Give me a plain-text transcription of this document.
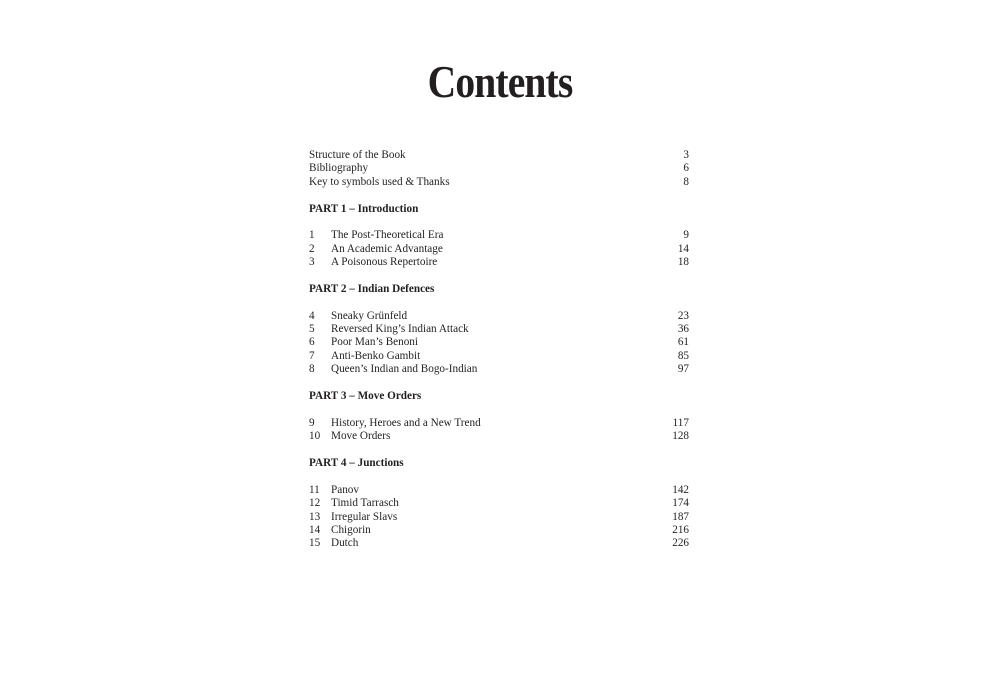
Contents
Structure of the Book	3
Bibliography	6
Key to symbols used & Thanks	8
PART 1 – Introduction
1	The Post-Theoretical Era	9
2	An Academic Advantage	14
3	A Poisonous Repertoire	18
PART 2 – Indian Defences
4	Sneaky Grünfeld	23
5	Reversed King’s Indian Attack	36
6	Poor Man’s Benoni	61
7	Anti-Benko Gambit	85
8	Queen’s Indian and Bogo-Indian	97
PART 3 – Move Orders
9	History, Heroes and a New Trend	117
10 Move Orders	128
PART 4 – Junctions
11	Panov	142
12 Timid Tarrasch	174
13 Irregular Slavs	187
14 Chigorin	216
15 Dutch	226
